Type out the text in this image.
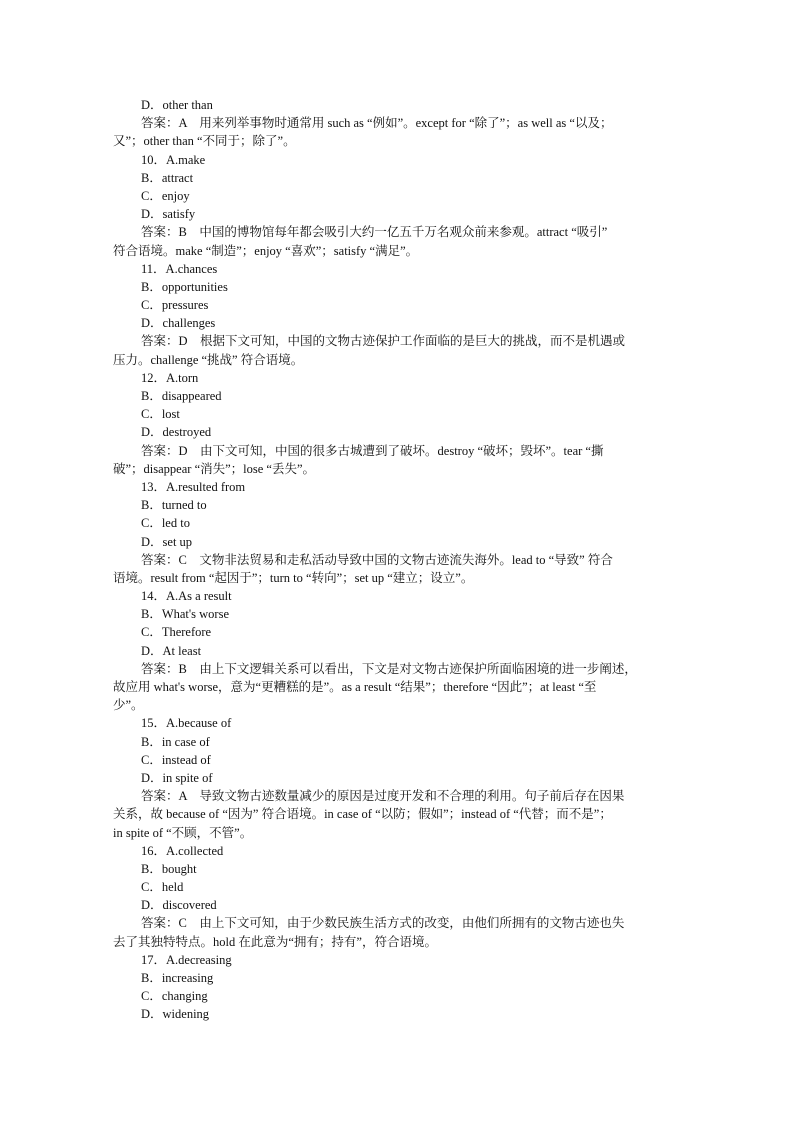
D．other than
答案：A　用来列举事物时通常用 such as “例如”。except for “除了”；as well as “以及；
又”；other than “不同于；除了”。
10．A.make
B．attract
C．enjoy
D．satisfy
答案：B　中国的博物馆每年都会吸引大约一亿五千万名观众前来参观。attract “吸引”
符合语境。make “制造”；enjoy “喜欢”；satisfy “满足”。
11．A.chances
B．opportunities
C．pressures
D．challenges
答案：D　根据下文可知，中国的文物古迹保护工作面临的是巨大的挑战，而不是机遇或
压力。challenge “挑战” 符合语境。
12．A.torn
B．disappeared
C．lost
D．destroyed
答案：D　由下文可知，中国的很多古城遭到了破坏。destroy “破坏；毁坏”。tear “撕
破”；disappear “消失”；lose “丢失”。
13．A.resulted from
B．turned to
C．led to
D．set up
答案：C　文物非法贸易和走私活动导致中国的文物古迹流失海外。lead to “导致” 符合
语境。result from “起因于”；turn to “转向”；set up “建立；设立”。
14．A.As a result
B．What's worse
C．Therefore
D．At least
答案：B　由上下文逻辑关系可以看出，下文是对文物古迹保护所面临困境的进一步阐述，
故应用 what's worse，意为“更糟糕的是”。as a result “结果”；therefore “因此”；at least “至
少”。
15．A.because of
B．in case of
C．instead of
D．in spite of
答案：A　导致文物古迹数量减少的原因是过度开发和不合理的利用。句子前后存在因果
关系，故 because of “因为” 符合语境。in case of “以防；假如”；instead of “代替；而不是”；
in spite of “不顾，不管”。
16．A.collected
B．bought
C．held
D．discovered
答案：C　由上下文可知，由于少数民族生活方式的改变，由他们所拥有的文物古迹也失
去了其独特特点。hold 在此意为“拥有；持有”，符合语境。
17．A.decreasing
B．increasing
C．changing
D．widening
